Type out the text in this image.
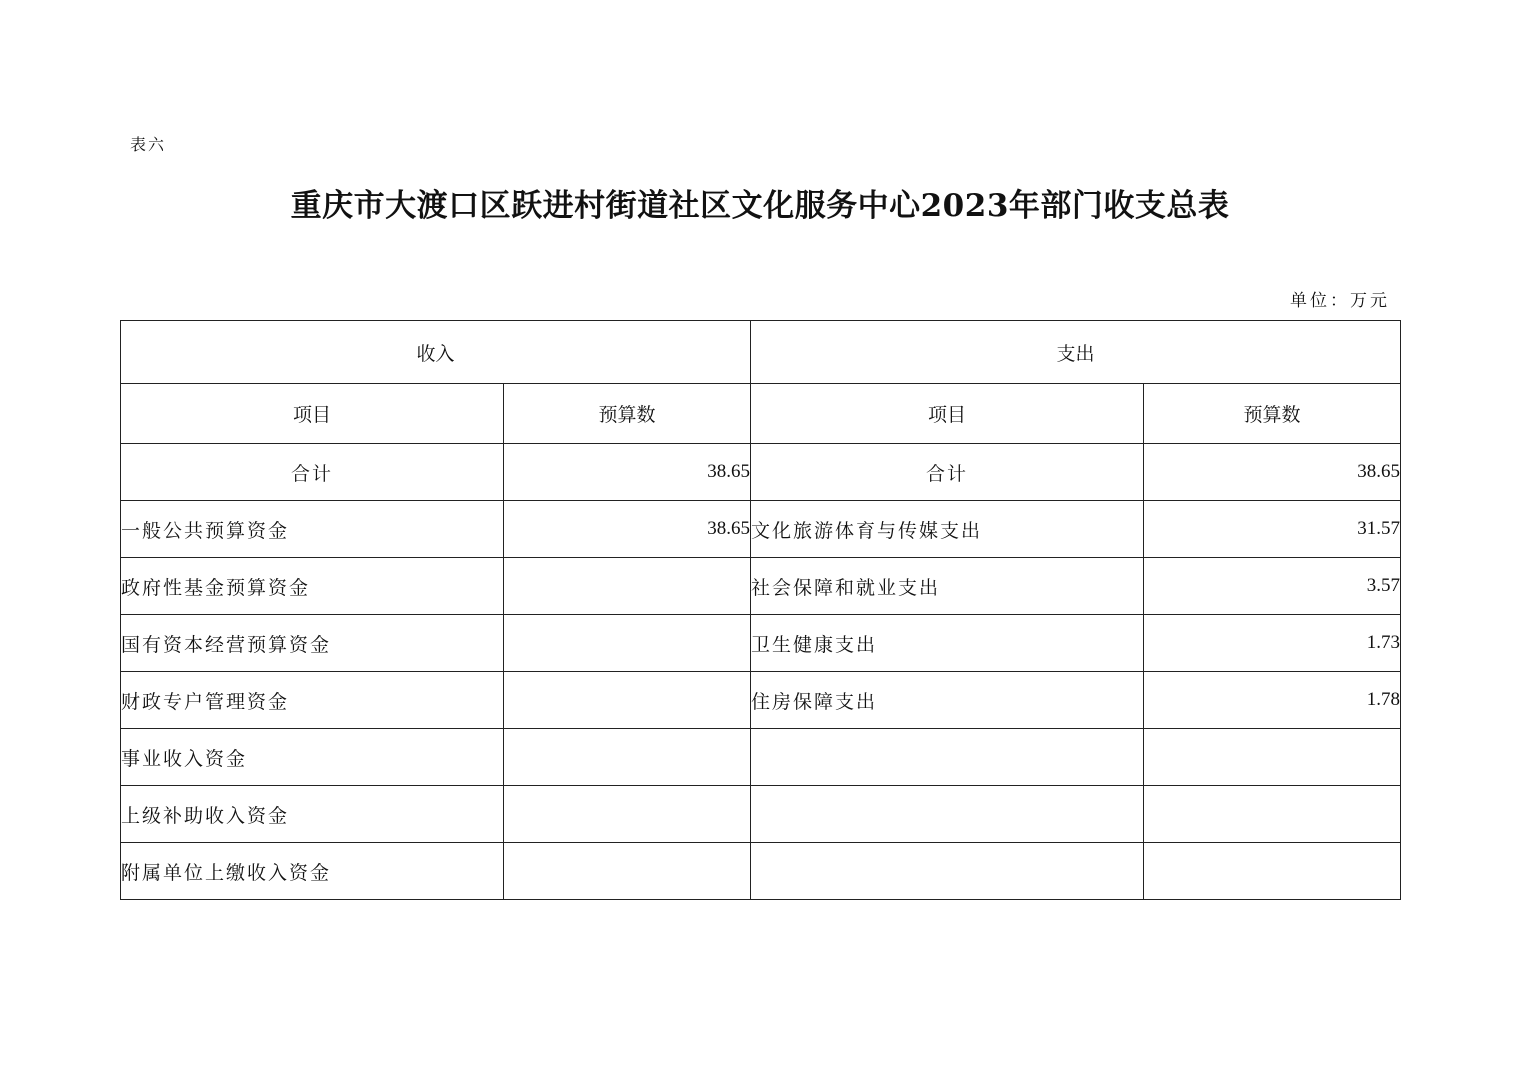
表六
重庆市大渡口区跃进村街道社区文化服务中心2023年部门收支总表
单位：万元
收入		支出	
项目	预算数	项目	预算数
合计	38.65	合计	38.65
一般公共预算资金	38.65	文化旅游体育与传媒支出	31.57
政府性基金预算资金		社会保障和就业支出	3.57
国有资本经营预算资金		卫生健康支出	1.73
财政专户管理资金		住房保障支出	1.78
事业收入资金			
上级补助收入资金			
附属单位上缴收入资金			
